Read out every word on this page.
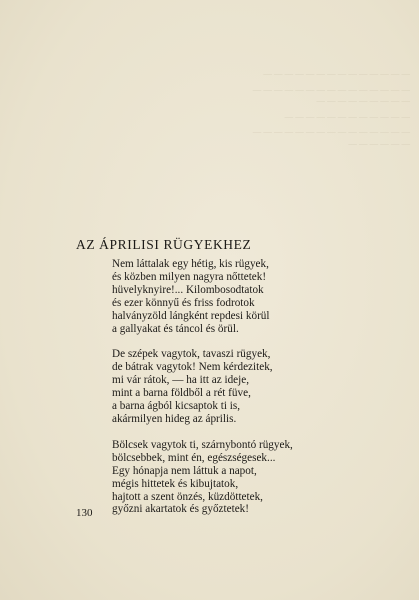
— — — — — — — — — — — — — —

— — — — — — — — — — — — — — — — — — — — — — — —

— — — — — — — — — — — —

— — — — — — — — — — — — — — — — — — — — —

AZ ÁPRILISI RÜGYEKHEZ
Nem láttalak egy hétig, kis rügyek,
és közben milyen nagyra nőttetek!
hüvelyknyire!... Kilombosodtatok
és ezer könnyű és friss fodrotok
halványzöld lángként repdesi körül
a gallyakat és táncol és örül.
De szépek vagytok, tavaszi rügyek,
de bátrak vagytok! Nem kérdezitek,
mi vár rátok, — ha itt az ideje,
mint a barna földből a rét füve,
a barna ágból kicsaptok ti is,
akármilyen hideg az április.
Bölcsek vagytok ti, szárnybontó rügyek,
bölcsebbek, mint én, egészségesek...
Egy hónapja nem láttuk a napot,
mégis hittetek és kibujtatok,
hajtott a szent önzés, küzdöttetek,
győzni akartatok és győztetek!
130
